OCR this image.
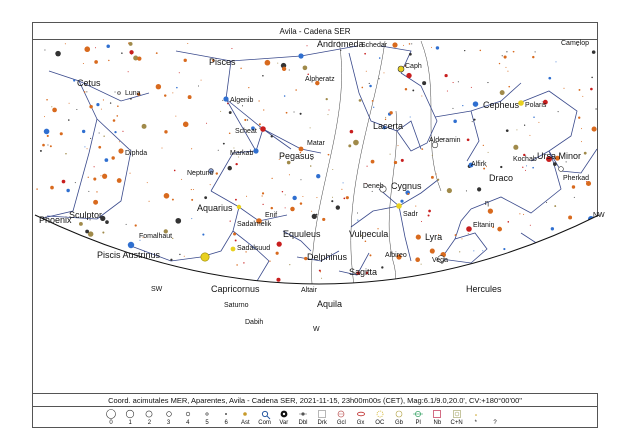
Avila - Cadena SER
Cetus
Pisces
Andromeda
Cepheus
Lacerta
Pegasus	Ursa Minor
Draco
Cygnus
Sculptor
Aquarius
Phoenix
Equuleus	Vulpecula	Lyra
Piscis Austrinus	Delphinus
Sagitta
Capricornus	Hercules
Aquila
Camelop
Luna
Alpheratz
Algenib
Scheat
Matar
Markab
Diphda
Neptuno
Enif
Sadalmelik
Sadalsuud
Fomalhaut
Deneb
Sadr
Alderamin
Caph
Schedar
Polaris
Kochab
Pherkad
Alfirk
Eltanin
Albireo
Vega
Altair
Saturno
Dabih
SW
W
NW
η
Coord. acimutales MER, Aparentes, Avila - Cadena SER, 2021-11-15, 23h00m00s (CET), Mag:6.1/9.0,20.0', CV:+180°00'00"
0	1	2	3	4	5	6	Ast	Com	Var	Dbl	Drk	Gcl	Gx	OC	Gb	Pl	Nb	C+N	*	?
